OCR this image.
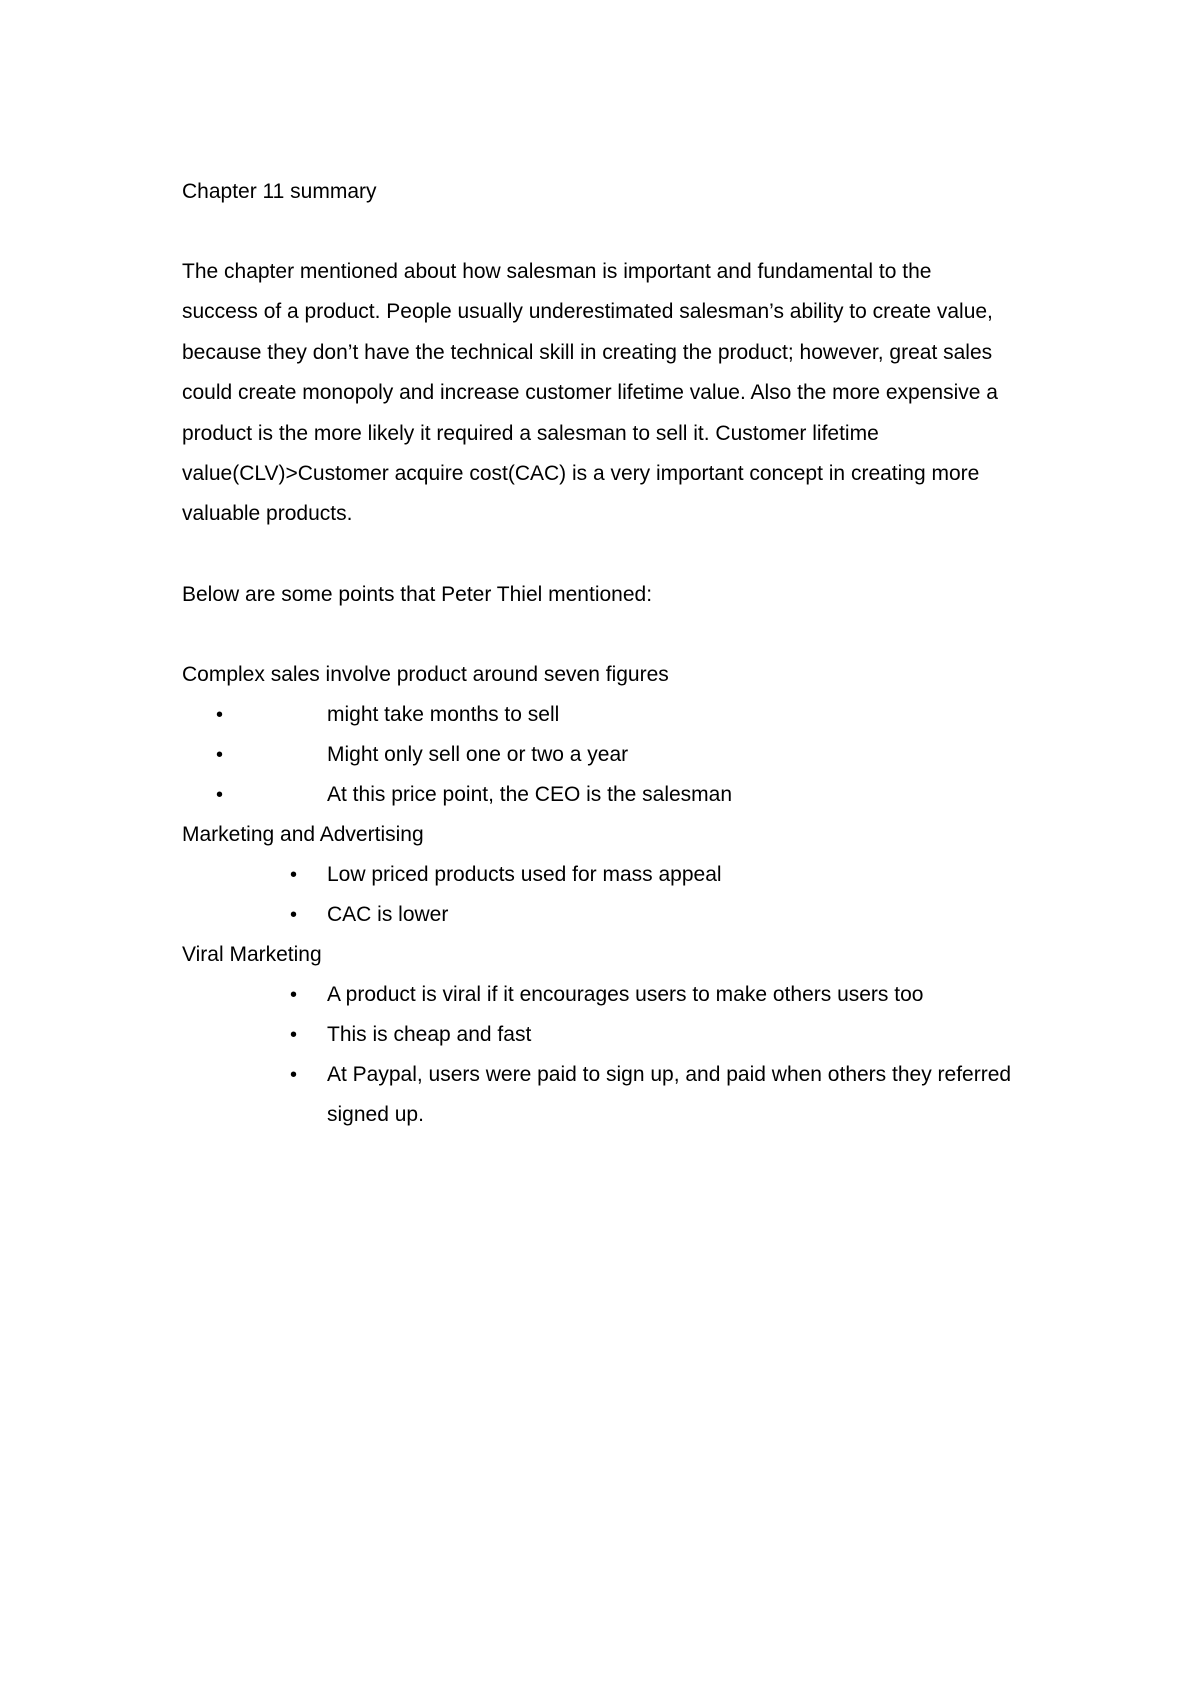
Chapter 11 summary

The chapter mentioned about how salesman is important and fundamental to the success of a product. People usually underestimated salesman’s ability to create value, because they don’t have the technical skill in creating the product; however, great sales could create monopoly and increase customer lifetime value. Also the more expensive a product is the more likely it required a salesman to sell it. Customer lifetime value(CLV)>Customer acquire cost(CAC) is a very important concept in creating more valuable products.

Below are some points that Peter Thiel mentioned:

Complex sales involve product around seven figures

•	might take months to sell
•	Might only sell one or two a year
•	At this price point, the CEO is the salesman

Marketing and Advertising

• Low priced products used for mass appeal
• CAC is lower

Viral Marketing

• A product is viral if it encourages users to make others users too
• This is cheap and fast
• At Paypal, users were paid to sign up, and paid when others they referred signed up.
